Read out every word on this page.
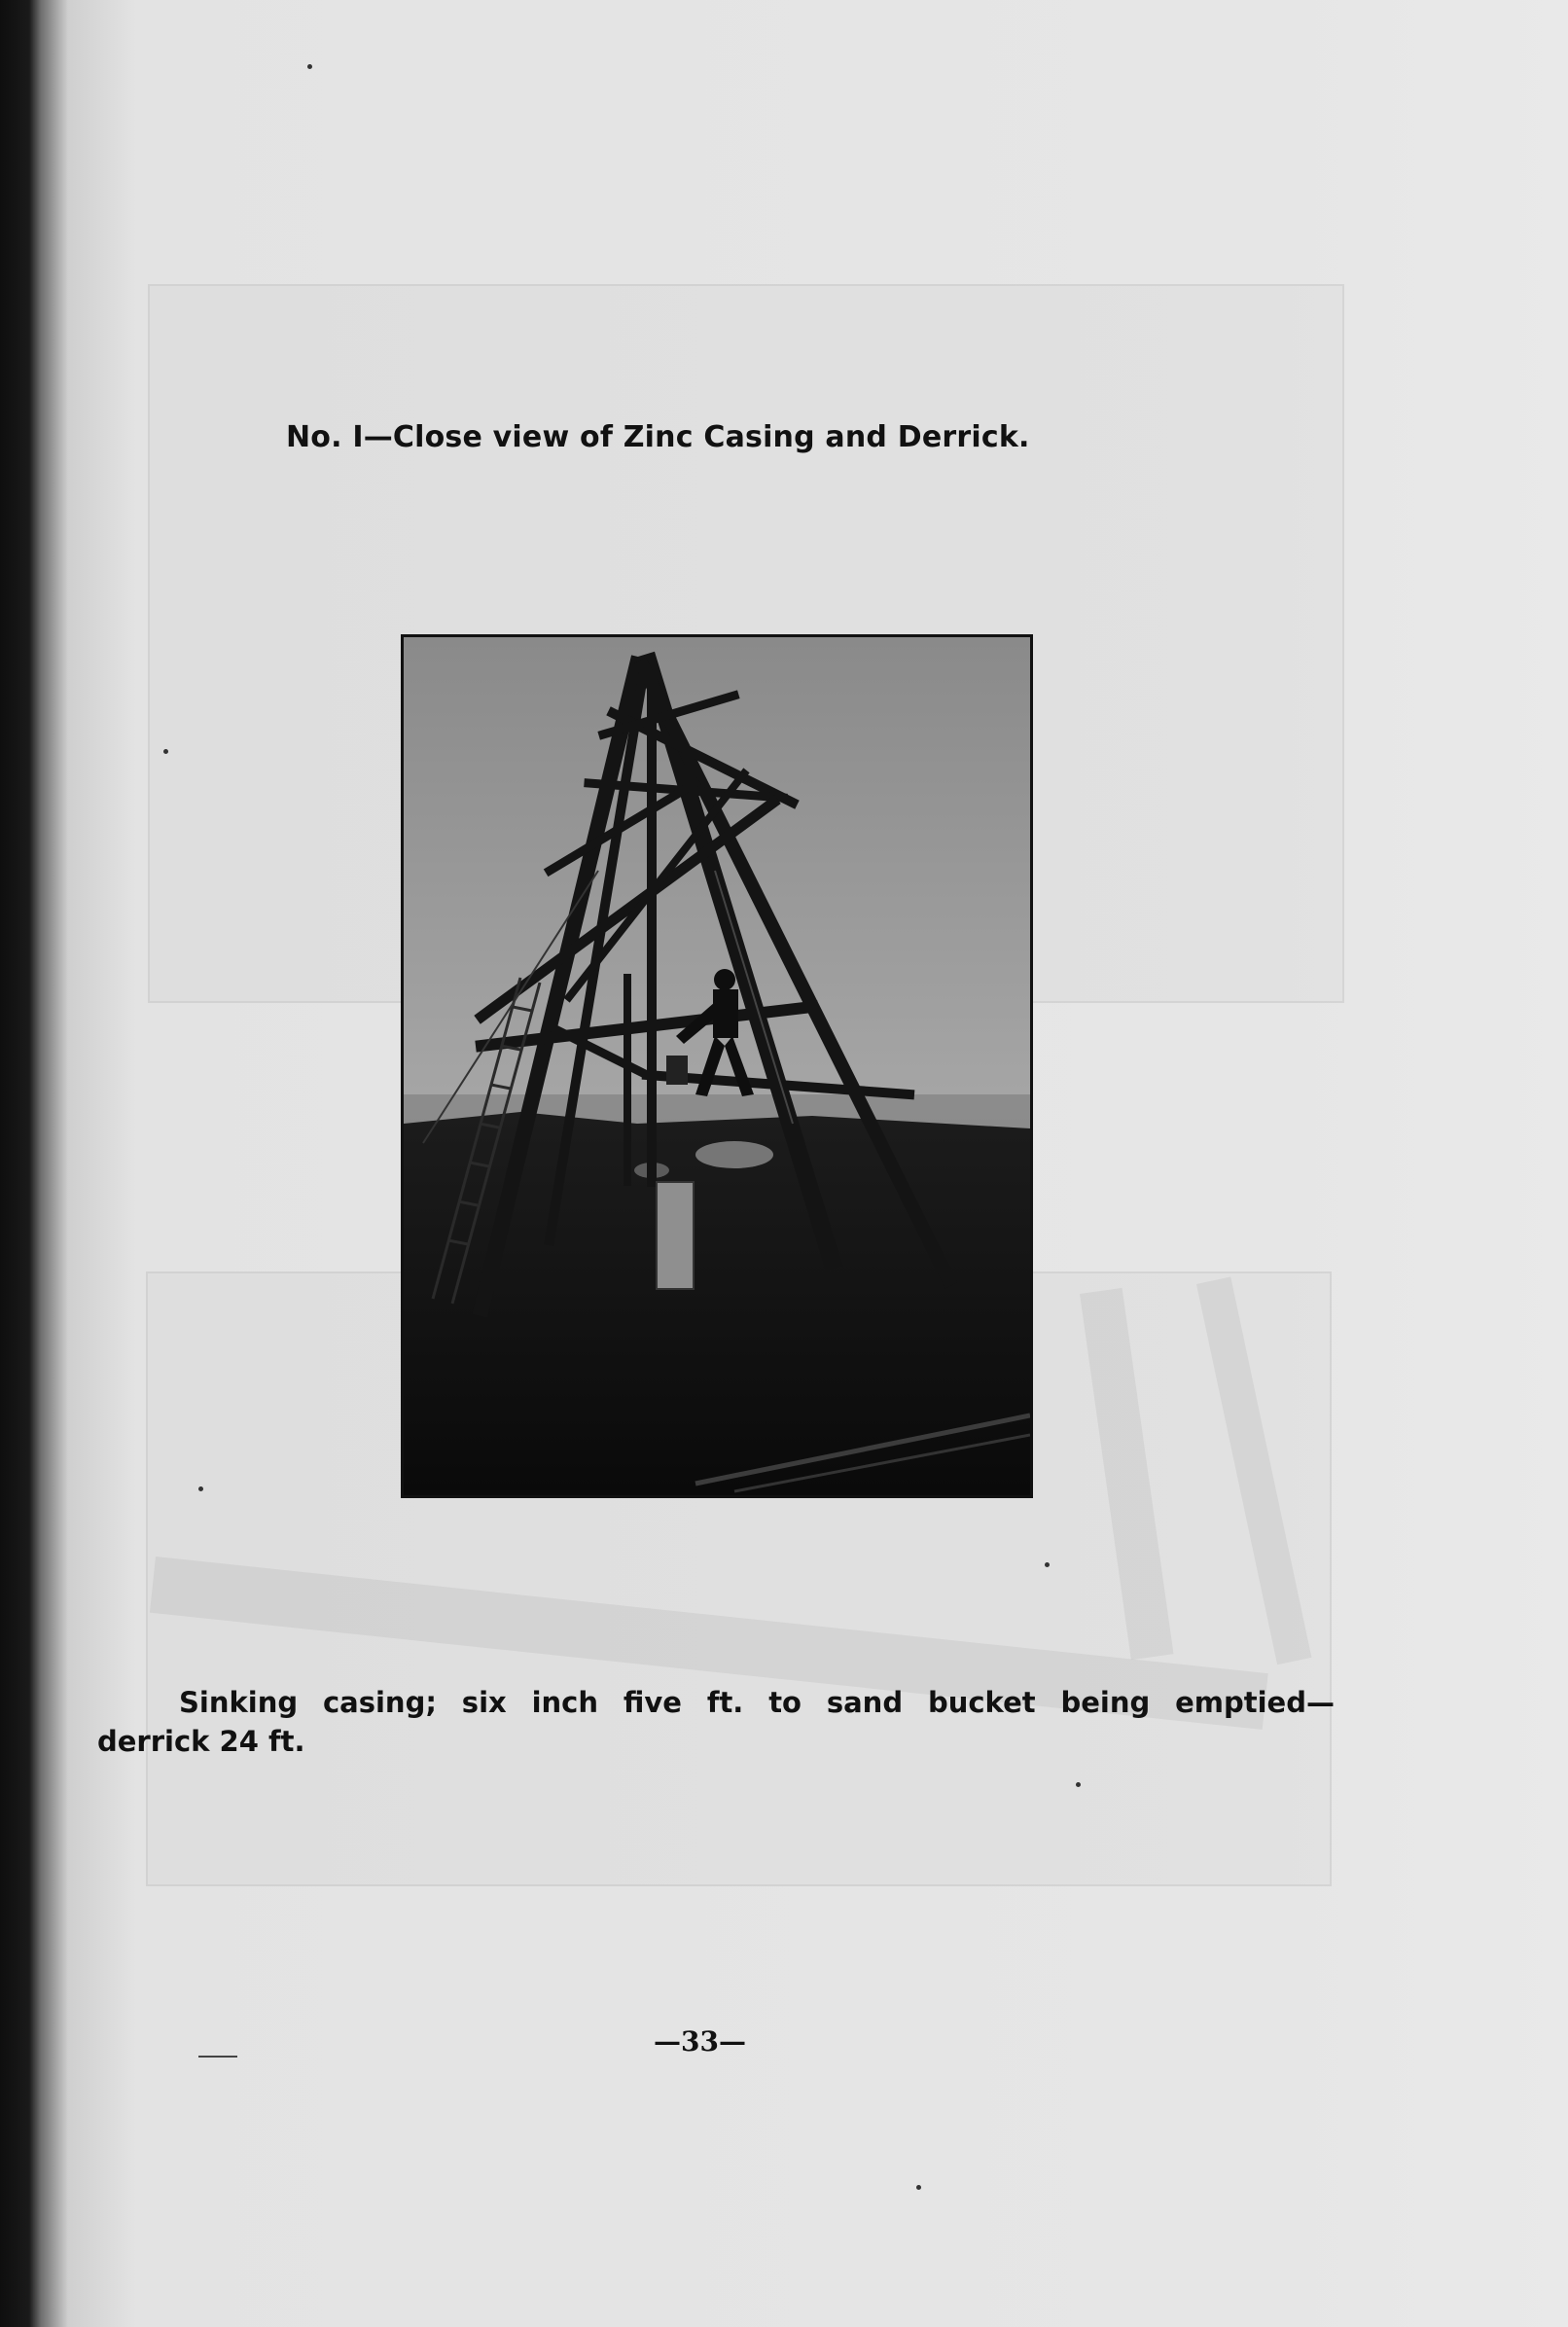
No. I—Close view of Zinc Casing and Derrick.
Sinking casing; six inch five ft. to sand bucket being emptied—
derrick 24 ft.
—33—
